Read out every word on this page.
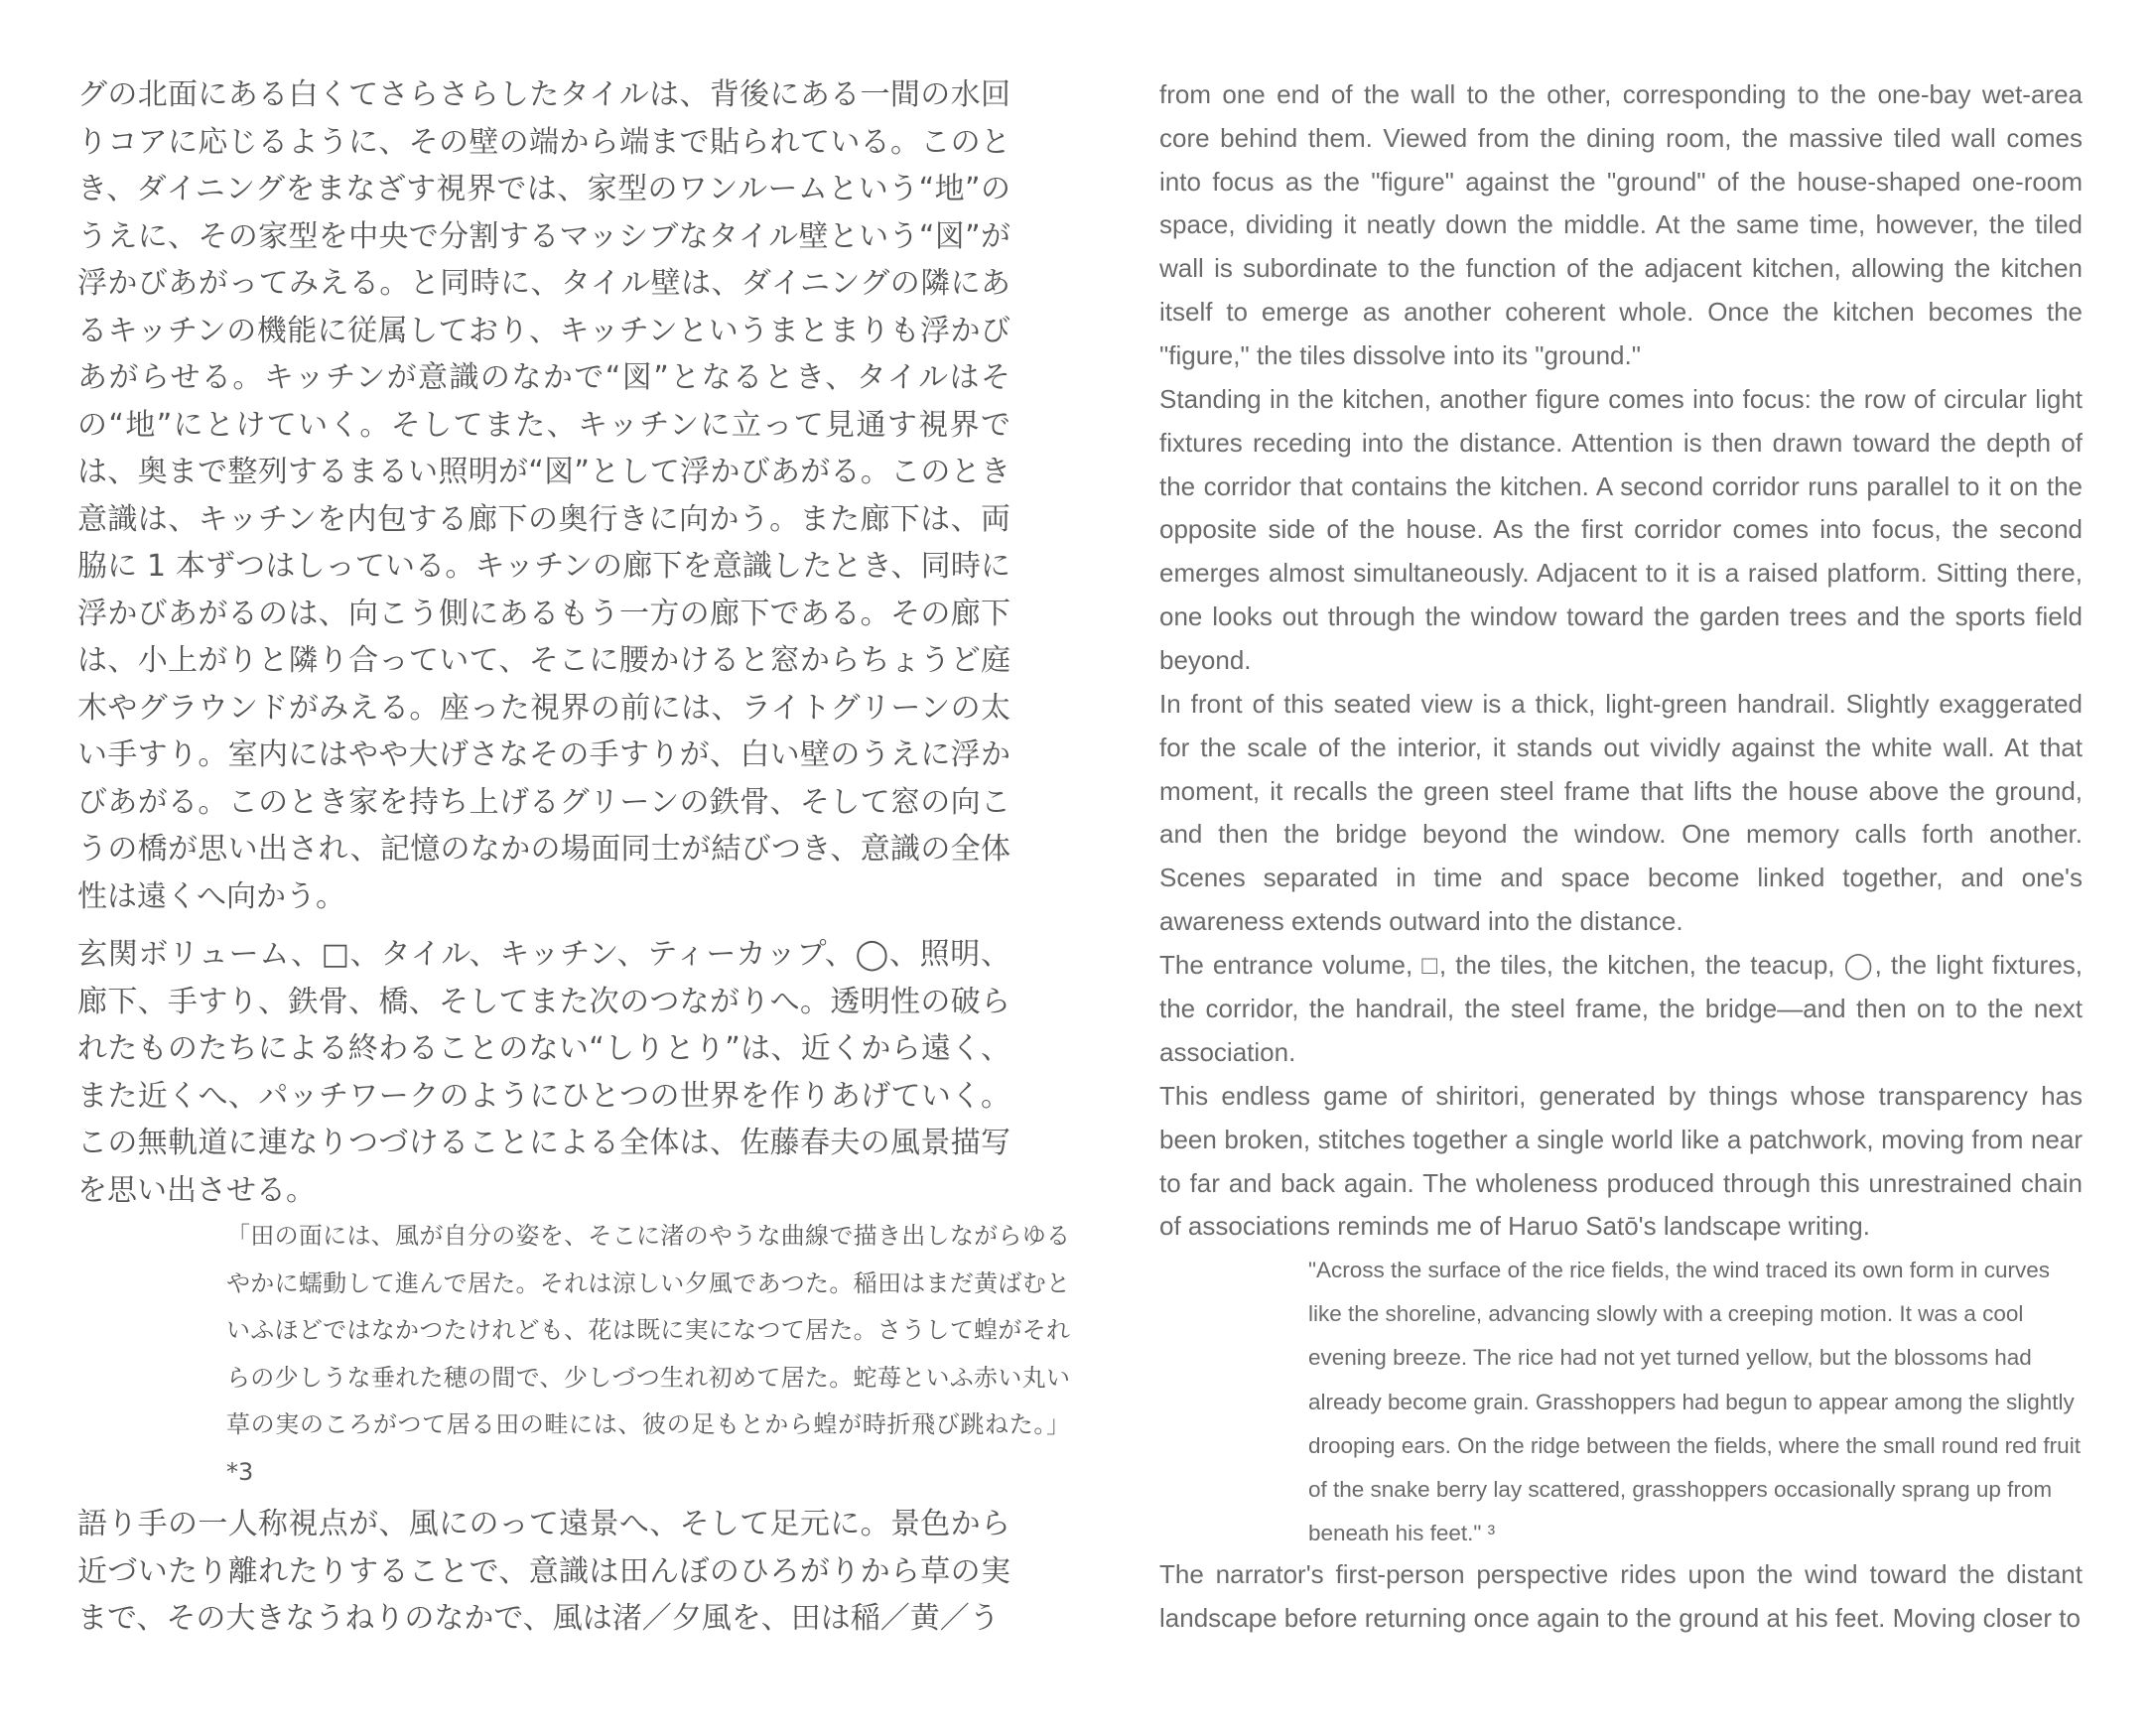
グの北面にある白くてさらさらしたタイルは、背後にある一間の水回りコアに応じるように、その壁の端から端まで貼られている。このとき、ダイニングをまなざす視界では、家型のワンルームという“地”のうえに、その家型を中央で分割するマッシブなタイル壁という“図”が浮かびあがってみえる。と同時に、タイル壁は、ダイニングの隣にあるキッチンの機能に従属しており、キッチンというまとまりも浮かびあがらせる。キッチンが意識のなかで“図”となるとき、タイルはその“地”にとけていく。そしてまた、キッチンに立って見通す視界では、奥まで整列するまるい照明が“図”として浮かびあがる。このとき意識は、キッチンを内包する廊下の奥行きに向かう。また廊下は、両脇に 1 本ずつはしっている。キッチンの廊下を意識したとき、同時に浮かびあがるのは、向こう側にあるもう一方の廊下である。その廊下は、小上がりと隣り合っていて、そこに腰かけると窓からちょうど庭木やグラウンドがみえる。座った視界の前には、ライトグリーンの太い手すり。室内にはやや大げさなその手すりが、白い壁のうえに浮かびあがる。このとき家を持ち上げるグリーンの鉄骨、そして窓の向こうの橋が思い出され、記憶のなかの場面同士が結びつき、意識の全体性は遠くへ向かう。

玄関ボリューム、□、タイル、キッチン、ティーカップ、◯、照明、廊下、手すり、鉄骨、橋、そしてまた次のつながりへ。透明性の破られたものたちによる終わることのない“しりとり”は、近くから遠く、また近くへ、パッチワークのようにひとつの世界を作りあげていく。この無軌道に連なりつづけることによる全体は、佐藤春夫の風景描写を思い出させる。

「田の面には、風が自分の姿を、そこに渚のやうな曲線で描き出しながらゆるやかに蠕動して進んで居た。それは涼しい夕風であつた。稲田はまだ黄ばむといふほどではなかつたけれども、花は既に実になつて居た。さうして蝗がそれらの少しうな垂れた穂の間で、少しづつ生れ初めて居た。蛇苺といふ赤い丸い草の実のころがつて居る田の畦には、彼の足もとから蝗が時折飛び跳ねた。」*3

語り手の一人称視点が、風にのって遠景へ、そして足元に。景色から近づいたり離れたりすることで、意識は田んぼのひろがりから草の実まで、その大きなうねりのなかで、風は渚／夕風を、田は稲／黄／う

from one end of the wall to the other, corresponding to the one-bay wet-area core behind them. Viewed from the dining room, the massive tiled wall comes into focus as the "figure" against the "ground" of the house-shaped one-room space, dividing it neatly down the middle. At the same time, however, the tiled wall is subordinate to the function of the adjacent kitchen, allowing the kitchen itself to emerge as another coherent whole. Once the kitchen becomes the "figure," the tiles dissolve into its "ground."

Standing in the kitchen, another figure comes into focus: the row of circular light fixtures receding into the distance. Attention is then drawn toward the depth of the corridor that contains the kitchen. A second corridor runs parallel to it on the opposite side of the house. As the first corridor comes into focus, the second emerges almost simultaneously. Adjacent to it is a raised platform. Sitting there, one looks out through the window toward the garden trees and the sports field beyond.

In front of this seated view is a thick, light-green handrail. Slightly exaggerated for the scale of the interior, it stands out vividly against the white wall. At that moment, it recalls the green steel frame that lifts the house above the ground, and then the bridge beyond the window. One memory calls forth another. Scenes separated in time and space become linked together, and one's awareness extends outward into the distance.

The entrance volume, □, the tiles, the kitchen, the teacup, ◯, the light fixtures, the corridor, the handrail, the steel frame, the bridge—and then on to the next association.

This endless game of shiritori, generated by things whose transparency has been broken, stitches together a single world like a patchwork, moving from near to far and back again. The wholeness produced through this unrestrained chain of associations reminds me of Haruo Satō's landscape writing.

"Across the surface of the rice fields, the wind traced its own form in curves like the shoreline, advancing slowly with a creeping motion. It was a cool evening breeze. The rice had not yet turned yellow, but the blossoms had already become grain. Grasshoppers had begun to appear among the slightly drooping ears. On the ridge between the fields, where the small round red fruit of the snake berry lay scattered, grasshoppers occasionally sprang up from beneath his feet." ³

The narrator's first-person perspective rides upon the wind toward the distant landscape before returning once again to the ground at his feet. Moving closer to
